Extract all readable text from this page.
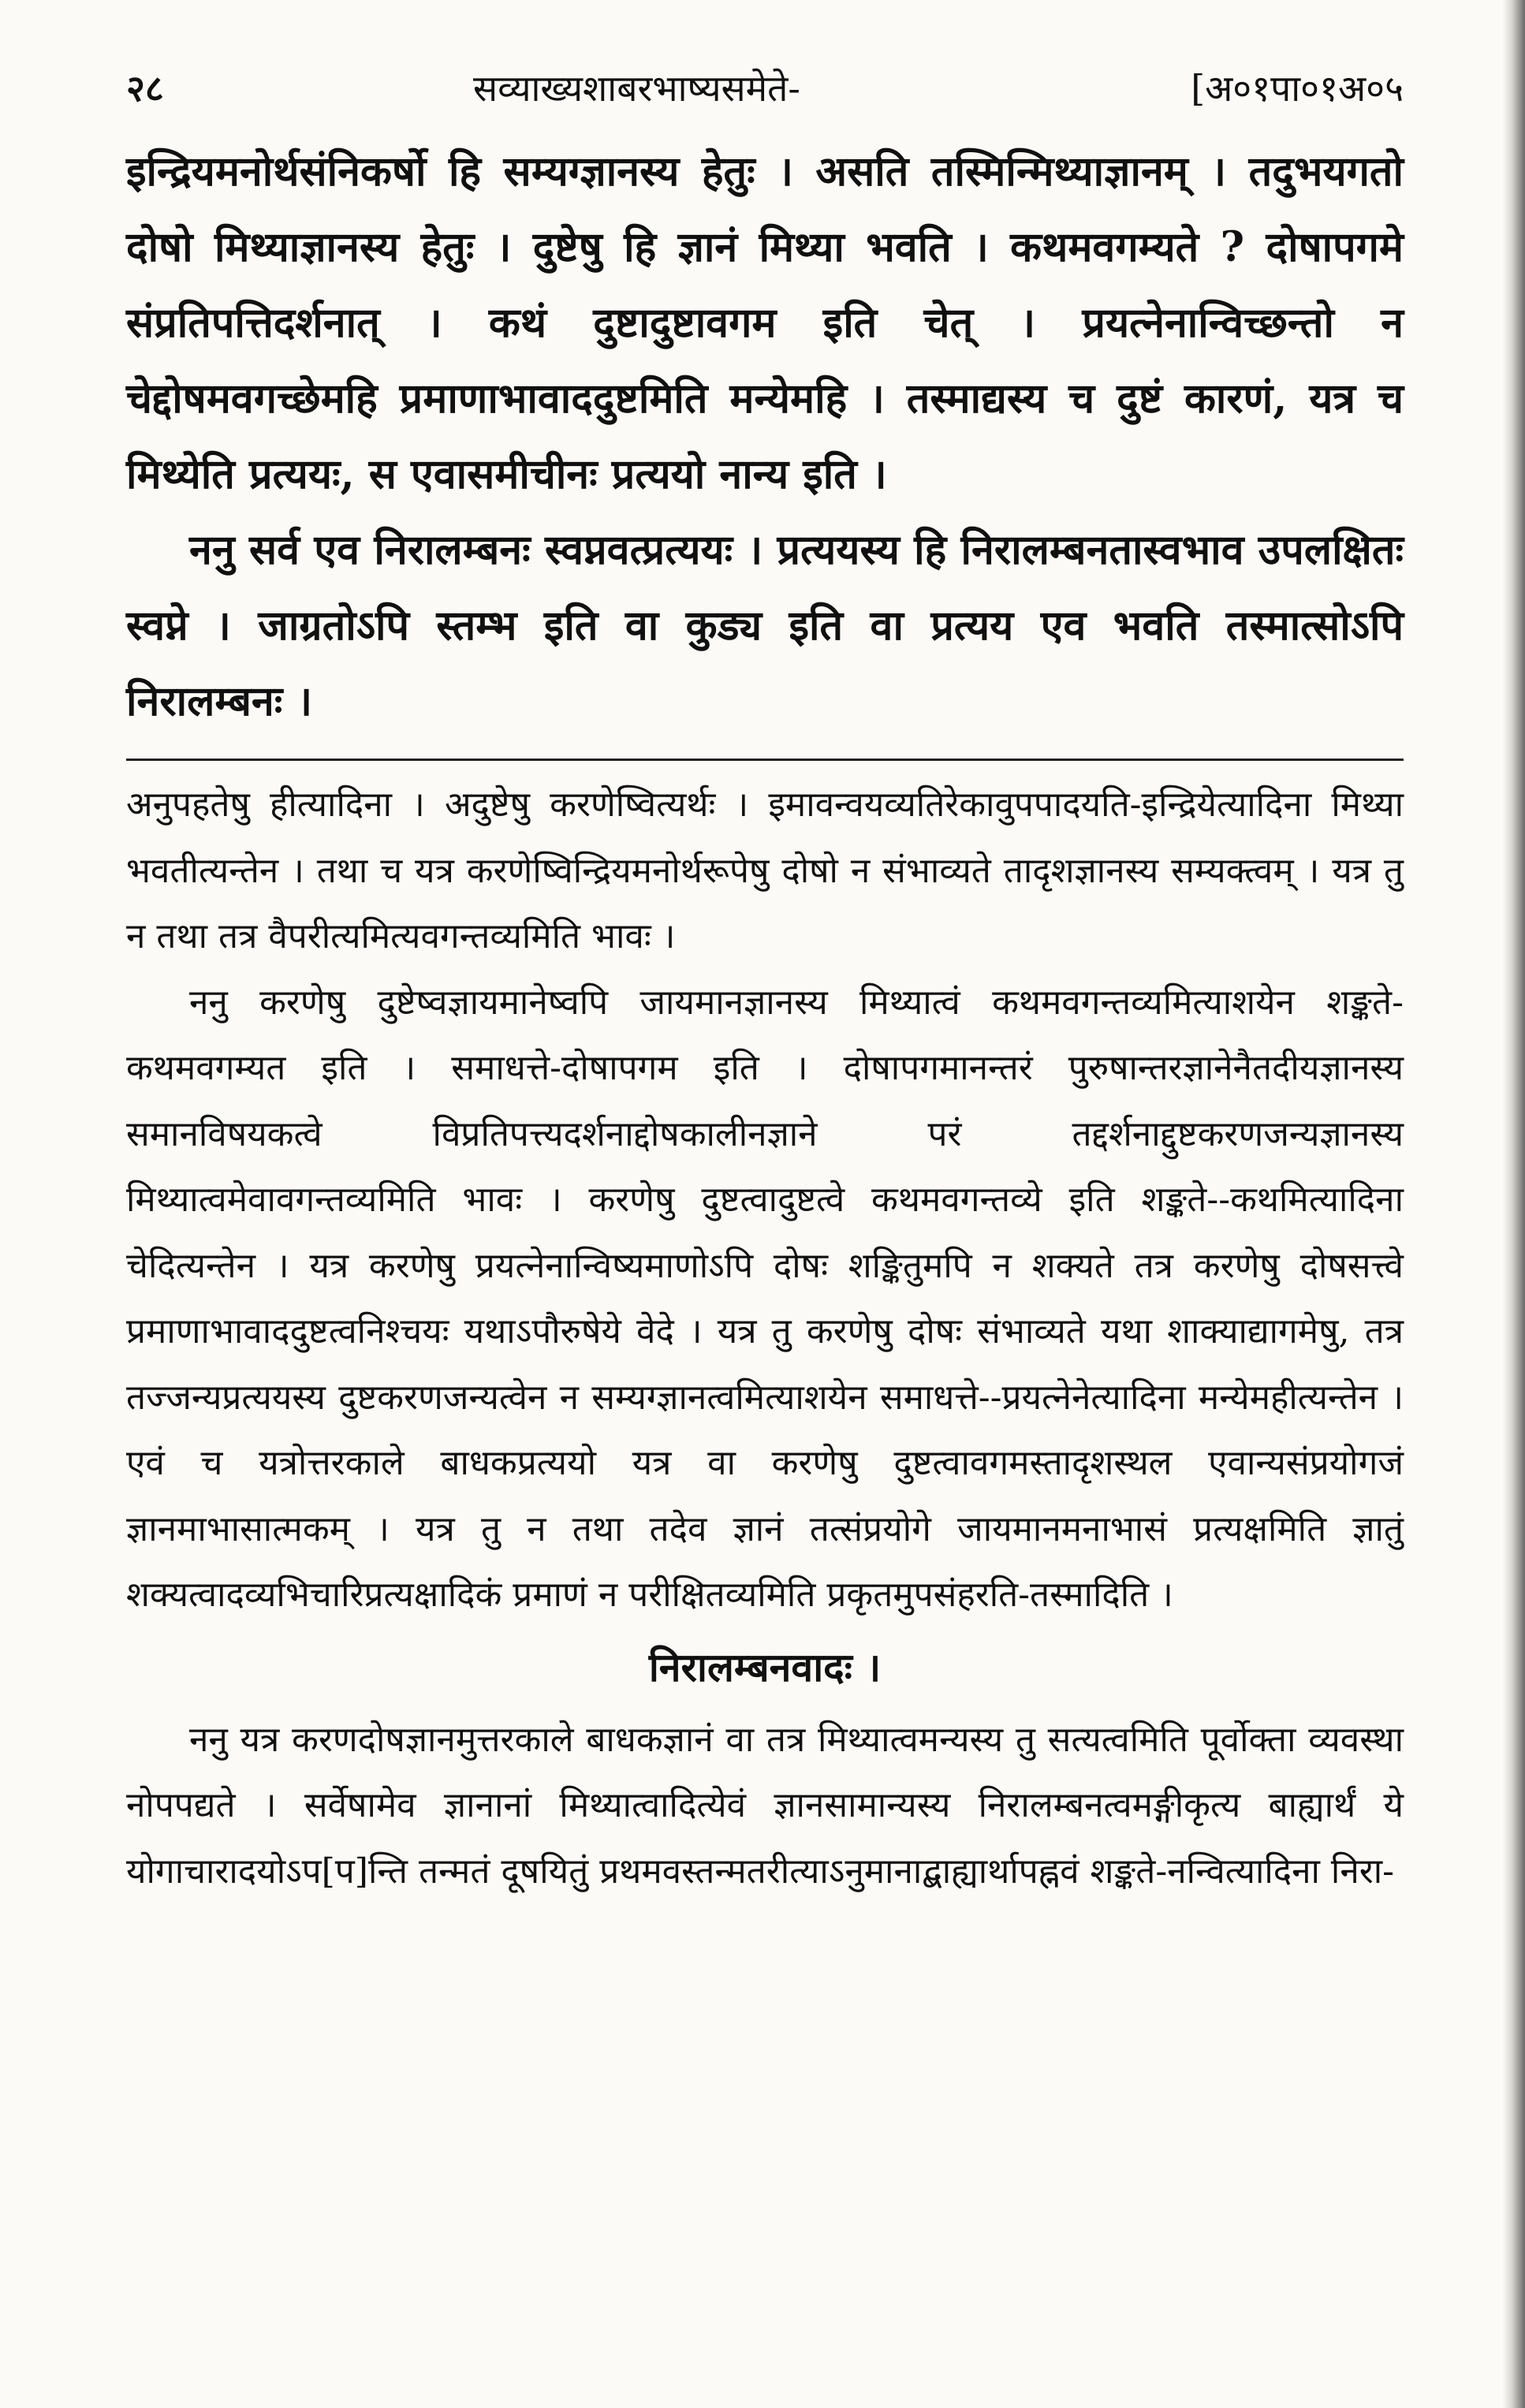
२८	सव्याख्यशाबरभाष्यसमेते-	[अ०१पा०१अ०५

इन्द्रियमनोर्थसंनिकर्षो हि सम्यग्ज्ञानस्य हेतुः । असति तस्मिन्मिथ्याज्ञानम् । तदुभयगतो दोषो मिथ्याज्ञानस्य हेतुः । दुष्टेषु हि ज्ञानं मिथ्या भवति । कथमवगम्यते ? दोषापगमे संप्रतिपत्तिदर्शनात् । कथं दुष्टादुष्टावगम इति चेत् । प्रयत्नेनान्विच्छन्तो न चेद्दोषमवगच्छेमहि प्रमाणाभावाददुष्टमिति मन्येमहि । तस्माद्यस्य च दुष्टं कारणं, यत्र च मिथ्येति प्रत्ययः, स एवासमीचीनः प्रत्ययो नान्य इति ।

ननु सर्व एव निरालम्बनः स्वप्नवत्प्रत्ययः । प्रत्ययस्य हि निरालम्बनतास्वभाव उपलक्षितः स्वप्ने । जाग्रतोऽपि स्तम्भ इति वा कुड्य इति वा प्रत्यय एव भवति तस्मात्सोऽपि निरालम्बनः ।

अनुपहतेषु हीत्यादिना । अदुष्टेषु करणेष्वित्यर्थः । इमावन्वयव्यतिरेकावुपपादयति-इन्द्रियेत्यादिना मिथ्या भवतीत्यन्तेन । तथा च यत्र करणेष्विन्द्रियमनोर्थरूपेषु दोषो न संभाव्यते तादृशज्ञानस्य सम्यक्त्वम् । यत्र तु न तथा तत्र वैपरीत्यमित्यवगन्तव्यमिति भावः ।

ननु करणेषु दुष्टेष्वज्ञायमानेष्वपि जायमानज्ञानस्य मिथ्यात्वं कथमवगन्तव्यमित्याशयेन शङ्कते-कथमवगम्यत इति । समाधत्ते-दोषापगम इति । दोषापगमानन्तरं पुरुषान्तरज्ञानेनैतदीयज्ञानस्य समानविषयकत्वे विप्रतिपत्त्यदर्शनाद्दोषकालीनज्ञाने परं तद्दर्शनाद्दुष्टकरणजन्यज्ञानस्य मिथ्यात्वमेवावगन्तव्यमिति भावः । करणेषु दुष्टत्वादुष्टत्वे कथमवगन्तव्ये इति शङ्कते--कथमित्यादिना चेदित्यन्तेन । यत्र करणेषु प्रयत्नेनान्विष्यमाणोऽपि दोषः शङ्कितुमपि न शक्यते तत्र करणेषु दोषसत्त्वे प्रमाणाभावाददुष्टत्वनिश्चयः यथाऽपौरुषेये वेदे । यत्र तु करणेषु दोषः संभाव्यते यथा शाक्याद्यागमेषु, तत्र तज्जन्यप्रत्ययस्य दुष्टकरणजन्यत्वेन न सम्यग्ज्ञानत्वमित्याशयेन समाधत्ते--प्रयत्नेनेत्यादिना मन्येमहीत्यन्तेन । एवं च यत्रोत्तरकाले बाधकप्रत्ययो यत्र वा करणेषु दुष्टत्वावगमस्तादृशस्थल एवान्यसंप्रयोगजं ज्ञानमाभासात्मकम् । यत्र तु न तथा तदेव ज्ञानं तत्संप्रयोगे जायमानमनाभासं प्रत्यक्षमिति ज्ञातुं शक्यत्वादव्यभिचारिप्रत्यक्षादिकं प्रमाणं न परीक्षितव्यमिति प्रकृतमुपसंहरति-तस्मादिति ।

निरालम्बनवादः ।

ननु यत्र करणदोषज्ञानमुत्तरकाले बाधकज्ञानं वा तत्र मिथ्यात्वमन्यस्य तु सत्यत्वमिति पूर्वोक्ता व्यवस्था नोपपद्यते । सर्वेषामेव ज्ञानानां मिथ्यात्वादित्येवं ज्ञानसामान्यस्य निरालम्बनत्वमङ्गीकृत्य बाह्यार्थं ये योगाचारादयोऽप[प]न्ति तन्मतं दूषयितुं प्रथमवस्तन्मतरीत्याऽनुमानाद्बाह्यार्थापह्नवं शङ्कते-नन्वित्यादिना निरा-
